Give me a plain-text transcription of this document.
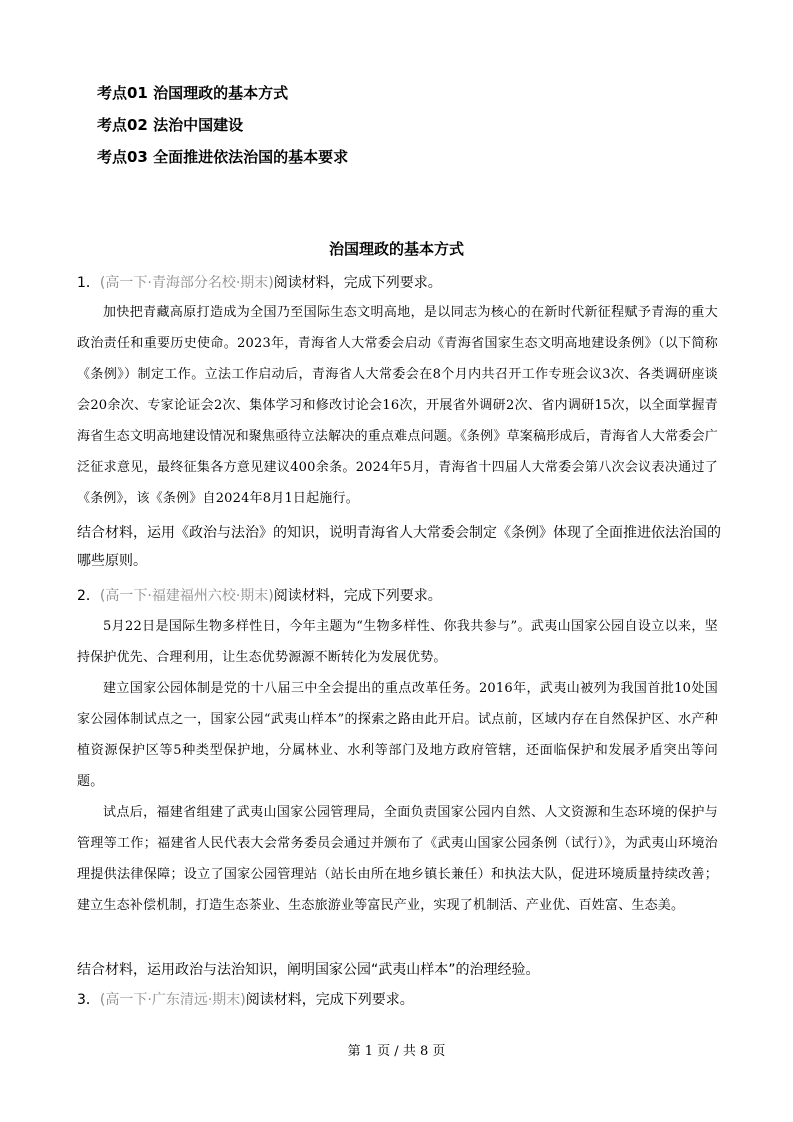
考点01 治国理政的基本方式
考点02 法治中国建设
考点03 全面推进依法治国的基本要求
治国理政的基本方式
1．(高一下·青海部分名校·期末)阅读材料，完成下列要求。

加快把青藏高原打造成为全国乃至国际生态文明高地，是以同志为核心的在新时代新征程赋予青海的重大政治责任和重要历史使命。2023年，青海省人大常委会启动《青海省国家生态文明高地建设条例》（以下简称《条例》）制定工作。立法工作启动后，青海省人大常委会在8个月内共召开工作专班会议3次、各类调研座谈会20余次、专家论证会2次、集体学习和修改讨论会16次，开展省外调研2次、省内调研15次，以全面掌握青海省生态文明高地建设情况和聚焦亟待立法解决的重点难点问题。《条例》草案稿形成后，青海省人大常委会广泛征求意见，最终征集各方意见建议400余条。2024年5月，青海省十四届人大常委会第八次会议表决通过了《条例》，该《条例》自2024年8月1日起施行。

结合材料，运用《政治与法治》的知识，说明青海省人大常委会制定《条例》体现了全面推进依法治国的哪些原则。
2．(高一下·福建福州六校·期末)阅读材料，完成下列要求。

5月22日是国际生物多样性日，今年主题为“生物多样性、你我共参与”。武夷山国家公园自设立以来，坚持保护优先、合理利用，让生态优势源源不断转化为发展优势。

建立国家公园体制是党的十八届三中全会提出的重点改革任务。2016年，武夷山被列为我国首批10处国家公园体制试点之一，国家公园“武夷山样本”的探索之路由此开启。试点前，区域内存在自然保护区、水产种植资源保护区等5种类型保护地，分属林业、水利等部门及地方政府管辖，还面临保护和发展矛盾突出等问题。

试点后，福建省组建了武夷山国家公园管理局，全面负责国家公园内自然、人文资源和生态环境的保护与管理等工作；福建省人民代表大会常务委员会通过并颁布了《武夷山国家公园条例（试行）》，为武夷山环境治理提供法律保障；设立了国家公园管理站（站长由所在地乡镇长兼任）和执法大队，促进环境质量持续改善；建立生态补偿机制，打造生态茶业、生态旅游业等富民产业，实现了机制活、产业优、百姓富、生态美。

结合材料，运用政治与法治知识，阐明国家公园“武夷山样本”的治理经验。
3．(高一下·广东清远·期末)阅读材料，完成下列要求。
第 1 页 / 共 8 页
